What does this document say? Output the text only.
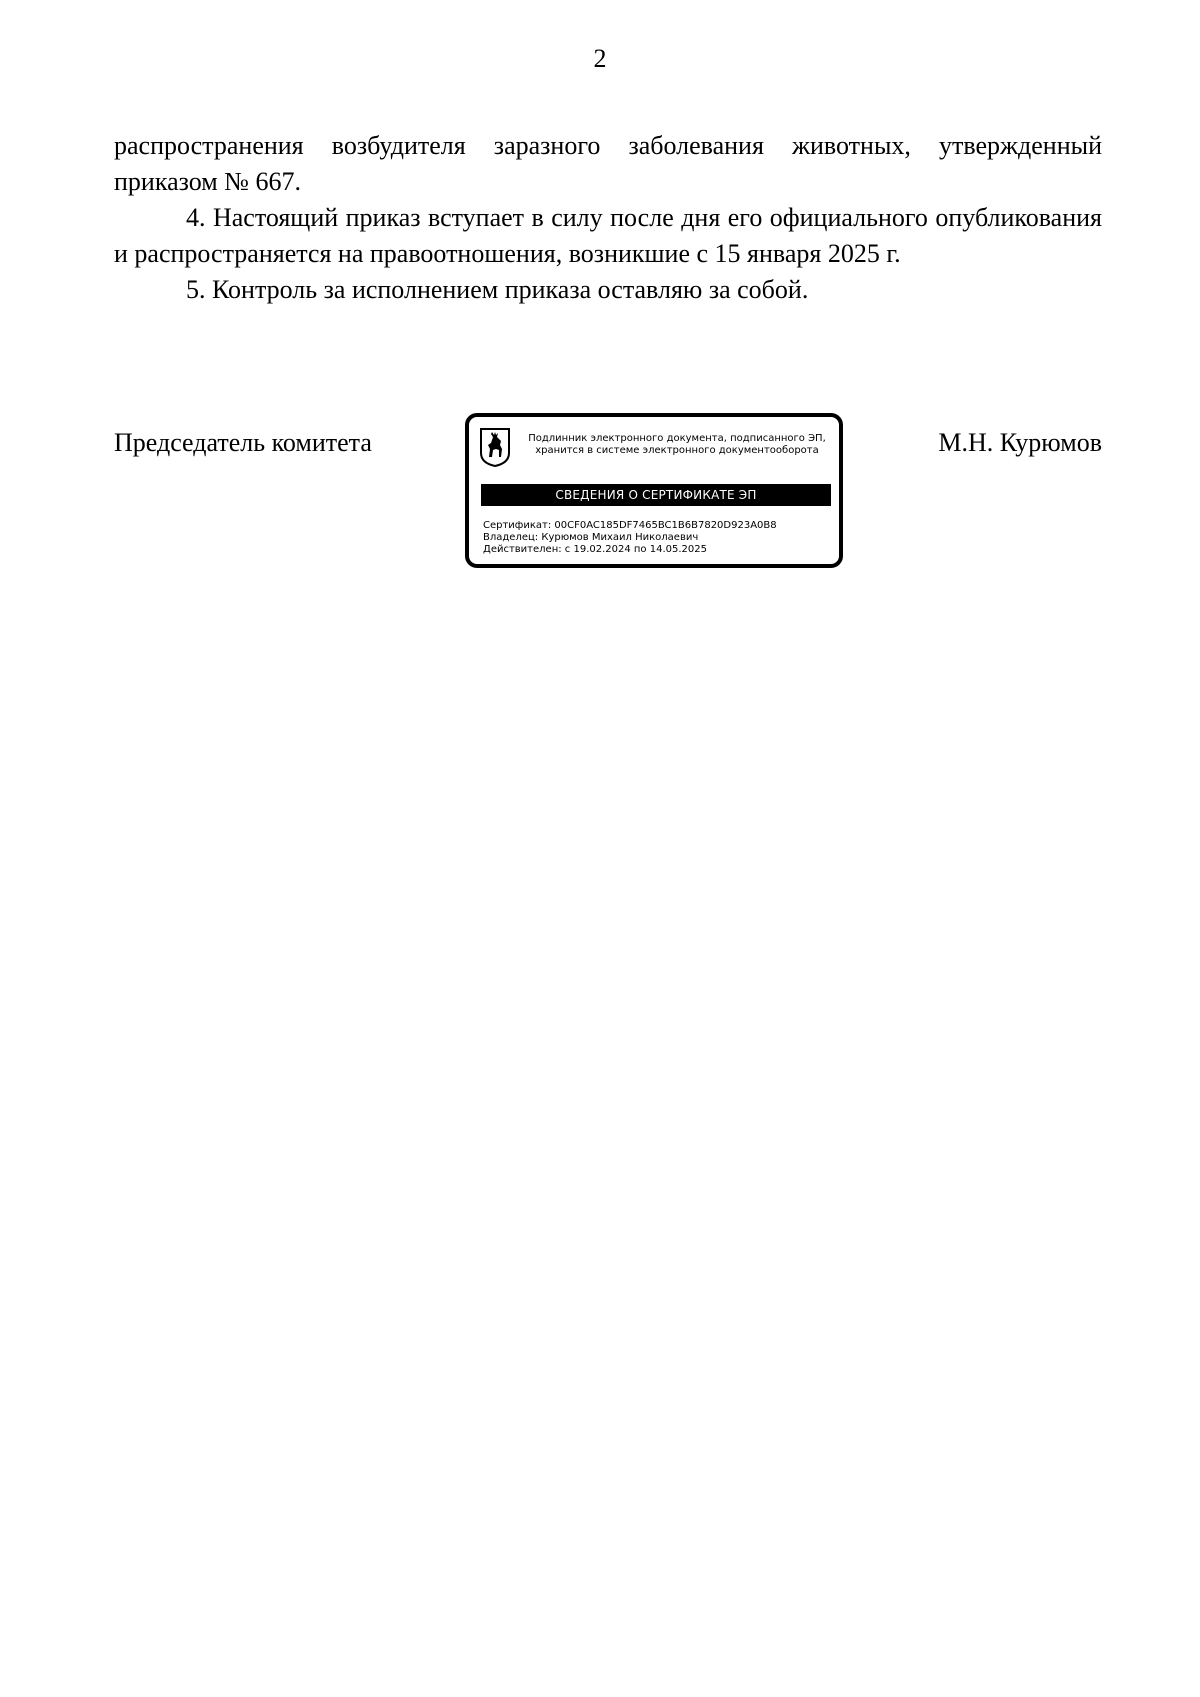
2

распространения возбудителя заразного заболевания животных, утвержденный приказом № 667.

4. Настоящий приказ вступает в силу после дня его официального опубликования и распространяется на правоотношения, возникшие с 15 января 2025 г.

5. Контроль за исполнением приказа оставляю за собой.

Председатель комитета	Подлинник электронного документа, подписанного ЭП,
хранится в системе электронного документооборота
СВЕДЕНИЯ О СЕРТИФИКАТЕ ЭП
Сертификат: 00CF0AC185DF7465BC1B6B7820D923A0B8
Владелец: Курюмов Михаил Николаевич
Действителен: с 19.02.2024 по 14.05.2025
М.Н. Курюмов
